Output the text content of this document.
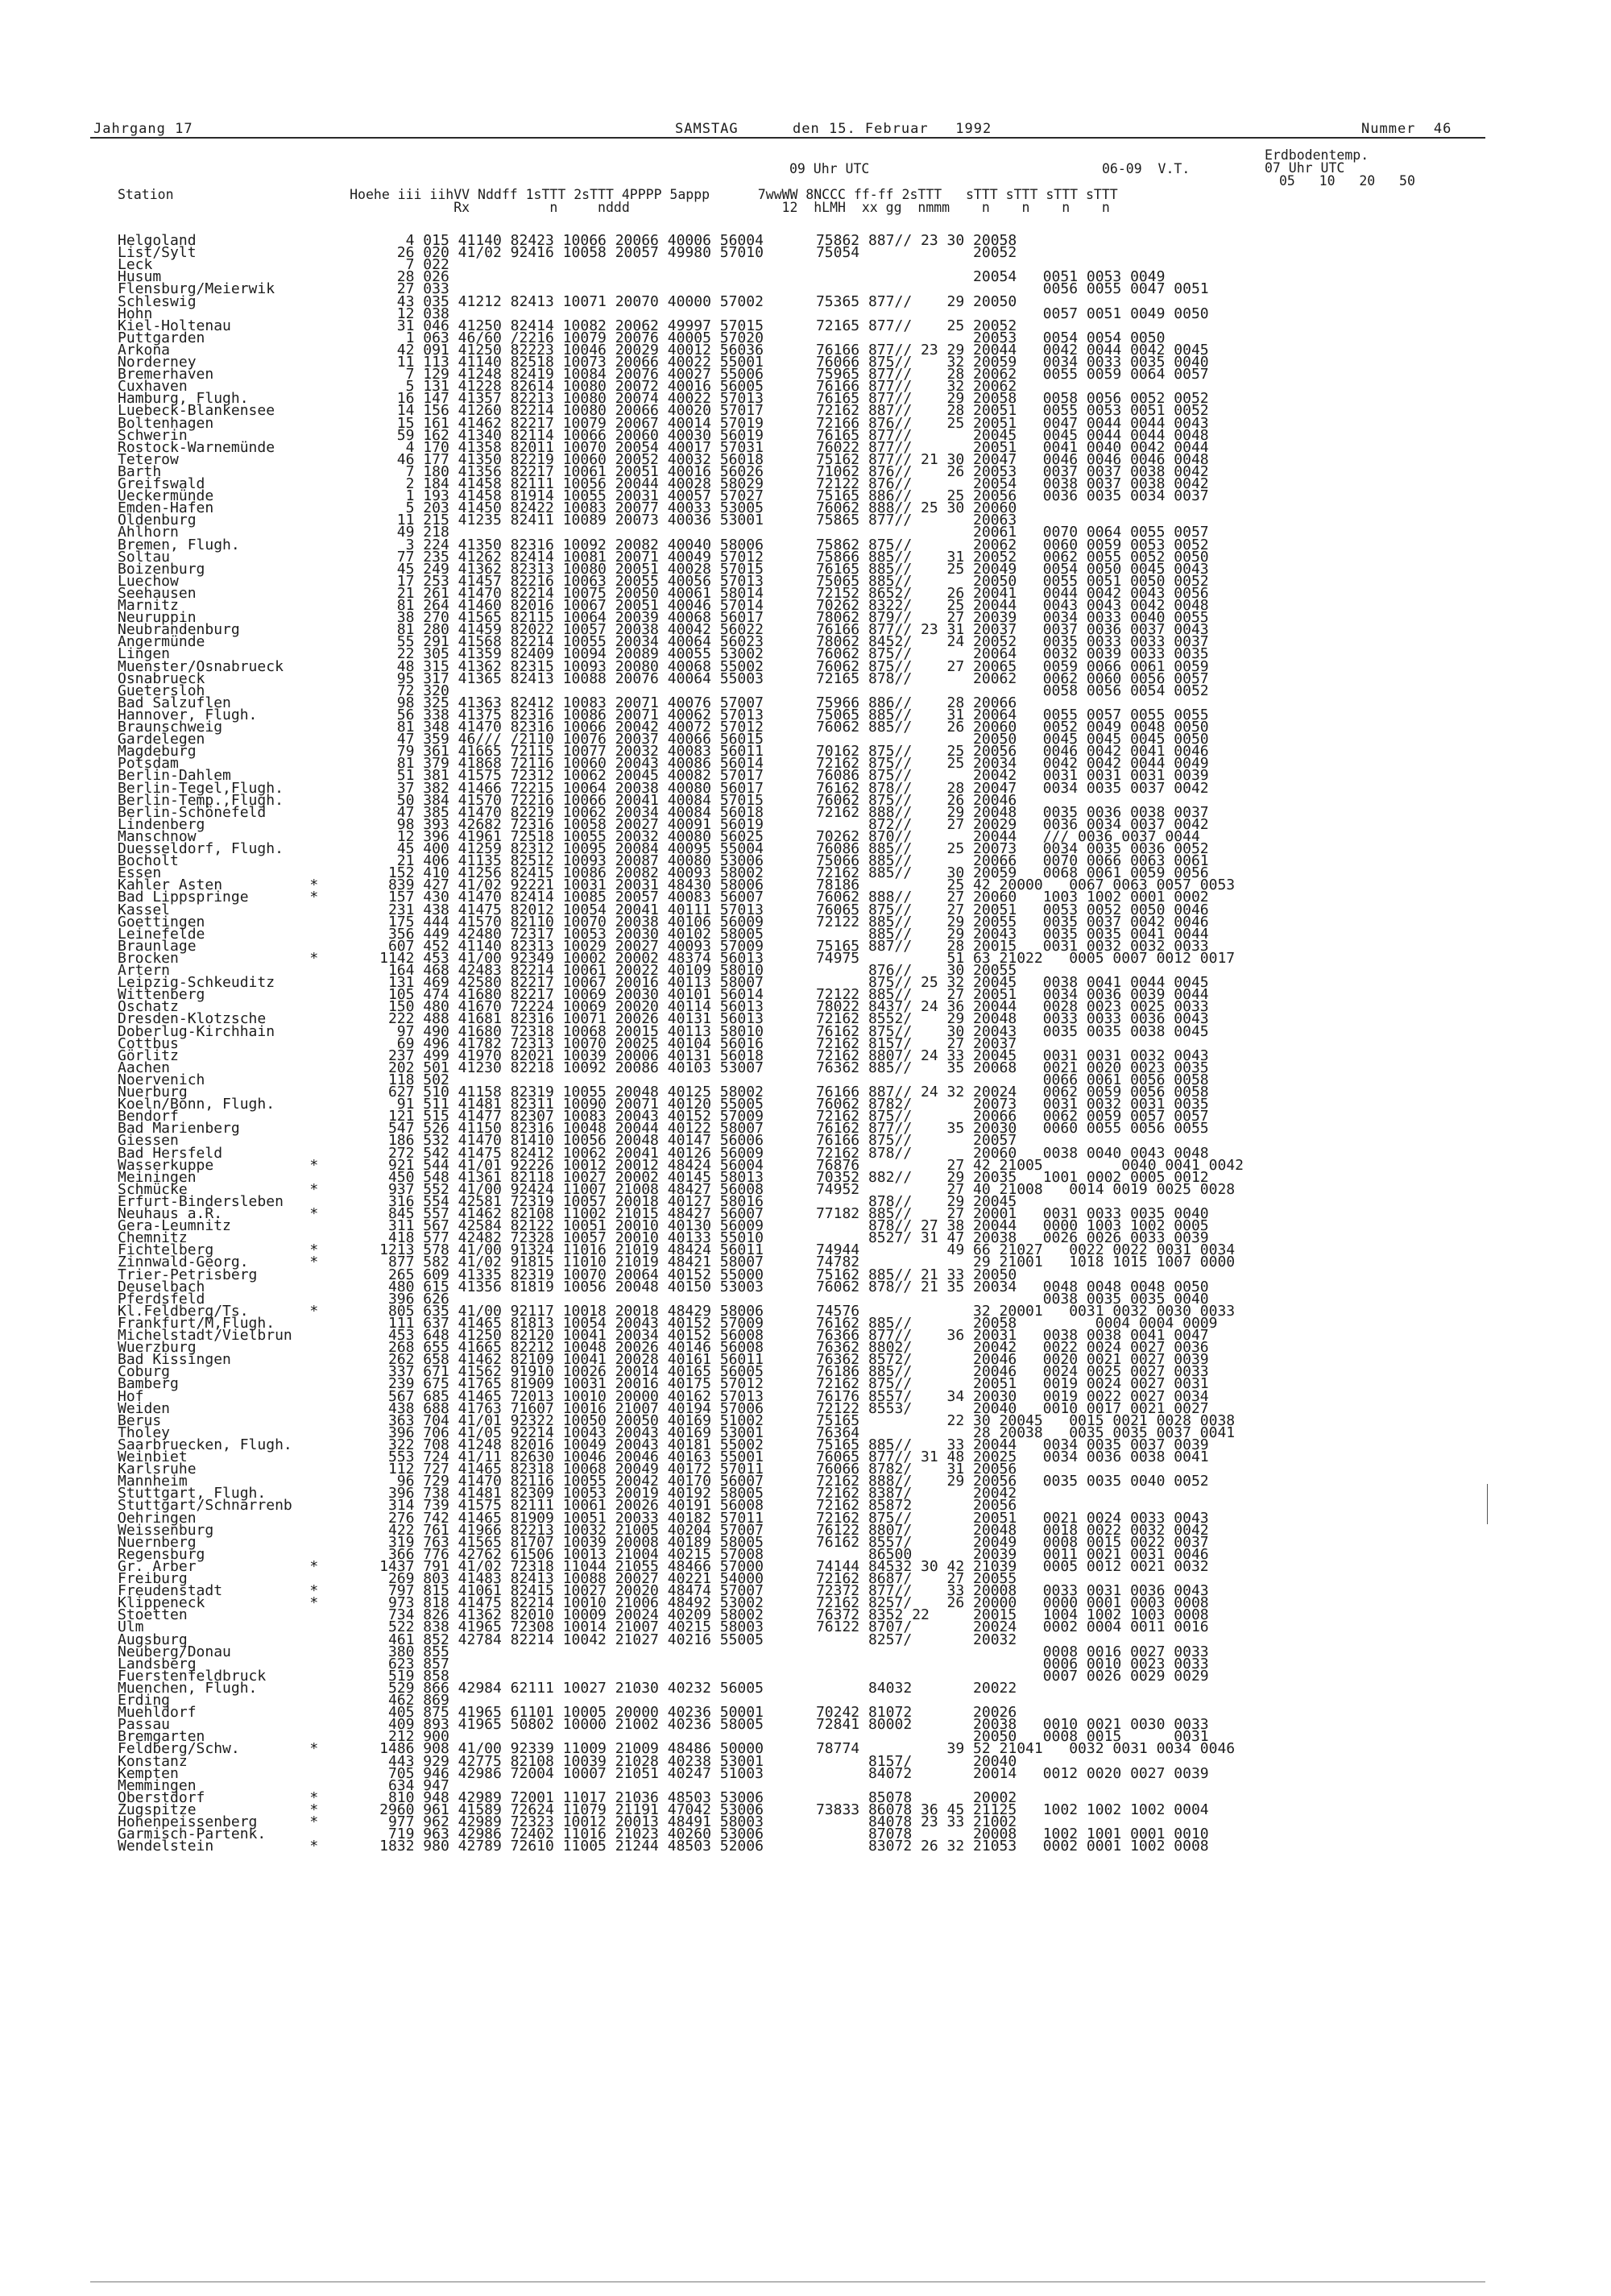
Jahrgang 17	SAMSTAG      den 15. Februar   1992	Nummer  46
09 Uhr UTC	06-09  V.T.
Erdbodentemp.
07 Uhr UTC
05   10   20   50
Station                      Hoehe iii iihVV Nddff 1sTTT 2sTTT 4PPPP 5appp      7wwWW 8NCCC ff-ff 2sTTT   sTTT sTTT sTTT sTTT
Rx          n     nddd                   12  hLMH  xx gg  nmmm    n    n    n    n
Helgoland                        4 015 41140 82423 10066 20066 40006 56004      75862 887// 23 30 20058
List/Sylt                       26 020 41/02 92416 10058 20057 49980 57010      75054             20052
Leck                             7 022
Husum                           28 026                                                            20054   0051 0053 0049
Flensburg/Meierwik              27 033                                                                    0056 0055 0047 0051
Schleswig                       43 035 41212 82413 10071 20070 40000 57002      75365 877//    29 20050
Hohn                            12 038                                                                    0057 0051 0049 0050
Kiel-Holtenau                   31 046 41250 82414 10082 20062 49997 57015      72165 877//    25 20052
Puttgarden                       1 063 46/60 /2216 10079 20076 40005 57020                        20053   0054 0054 0050
Arkona                          42 091 41250 82223 10046 20029 40012 56036      76166 877// 23 29 20044   0042 0044 0042 0045
Norderney                       11 113 41140 82518 10073 20066 40022 55001      76066 875//    32 20059   0034 0033 0035 0040
Bremerhaven                      7 129 41248 82419 10084 20076 40027 55006      75965 877//    28 20062   0055 0059 0064 0057
Cuxhaven                         5 131 41228 82614 10080 20072 40016 56005      76166 877//    32 20062
Hamburg, Flugh.                 16 147 41357 82213 10080 20074 40022 57013      76165 877//    29 20058   0058 0056 0052 0052
Luebeck-Blankensee              14 156 41260 82214 10080 20066 40020 57017      72162 887//    28 20051   0055 0053 0051 0052
Boltenhagen                     15 161 41462 82217 10079 20067 40014 57019      72166 876//    25 20051   0047 0044 0044 0043
Schwerin                        59 162 41340 82114 10066 20060 40030 56019      76165 877//       20045   0045 0044 0044 0048
Rostock-Warnemünde               4 170 41358 82011 10070 20054 40017 57031      76022 877//       20051   0041 0040 0042 0044
Teterow                         46 177 41350 82219 10060 20052 40032 56018      75162 877// 21 30 20047   0046 0046 0046 0048
Barth                            7 180 41356 82217 10061 20051 40016 56026      71062 876//    26 20053   0037 0037 0038 0042
Greifswald                       2 184 41458 82111 10056 20044 40028 58029      72122 876//       20054   0038 0037 0038 0042
Ueckermünde                      1 193 41458 81914 10055 20031 40057 57027      75165 886//    25 20056   0036 0035 0034 0037
Emden-Hafen                      5 203 41450 82422 10083 20077 40033 53005      76062 888// 25 30 20060
Oldenburg                       11 215 41235 82411 10089 20073 40036 53001      75865 877//       20063
Ahlhorn                         49 218                                                            20061   0070 0064 0055 0057
Bremen, Flugh.                   3 224 41350 82316 10092 20082 40040 58006      75862 875//       20062   0060 0059 0053 0052
Soltau                          77 235 41262 82414 10081 20071 40049 57012      75866 885//    31 20052   0062 0055 0052 0050
Boizenburg                      45 249 41362 82313 10080 20051 40028 57015      76165 885//    25 20049   0054 0050 0045 0043
Luechow                         17 253 41457 82216 10063 20055 40056 57013      75065 885//       20050   0055 0051 0050 0052
Seehausen                       21 261 41470 82214 10075 20050 40061 58014      72152 8652/    26 20041   0044 0042 0043 0056
Marnitz                         81 264 41460 82016 10067 20051 40046 57014      70262 8322/    25 20044   0043 0043 0042 0048
Neuruppin                       38 270 41565 82115 10064 20039 40068 56017      78062 879//    27 20039   0034 0033 0040 0055
Neubrandenburg                  81 280 41459 82022 10057 20038 40042 56022      76166 877// 23 31 20037   0037 0036 0037 0043
Angermünde                      55 291 41568 82214 10055 20034 40064 56023      78062 8452/    24 20052   0035 0033 0033 0037
Lingen                          22 305 41359 82409 10094 20089 40055 53002      76062 875//       20064   0032 0039 0033 0035
Muenster/Osnabrueck             48 315 41362 82315 10093 20080 40068 55002      76062 875//    27 20065   0059 0066 0061 0059
Osnabrueck                      95 317 41365 82413 10088 20076 40064 55003      72165 878//       20062   0062 0060 0056 0057
Guetersloh                      72 320                                                                    0058 0056 0054 0052
Bad Salzuflen                   98 325 41363 82412 10083 20071 40076 57007      75966 886//    28 20066
Hannover, Flugh.                56 338 41375 82316 10086 20071 40062 57013      75065 885//    31 20064   0055 0057 0055 0055
Braunschweig                    81 348 41470 82316 10066 20042 40072 57012      76062 885//    26 20060   0052 0049 0048 0050
Gardelegen                      47 359 46/// /2110 10076 20037 40066 56015                        20050   0045 0045 0045 0050
Magdeburg                       79 361 41665 72115 10077 20032 40083 56011      70162 875//    25 20056   0046 0042 0041 0046
Potsdam                         81 379 41868 72116 10060 20043 40086 56014      72162 875//    25 20034   0042 0042 0044 0049
Berlin-Dahlem                   51 381 41575 72312 10062 20045 40082 57017      76086 875//       20042   0031 0031 0031 0039
Berlin-Tegel,Flugh.             37 382 41466 72215 10064 20038 40080 56017      76162 878//    28 20047   0034 0035 0037 0042
Berlin-Temp.,Flugh.             50 384 41570 72216 10066 20041 40084 57015      76062 875//    26 20046
Berlin-Schönefeld               47 385 41470 82219 10062 20034 40084 56018      72162 888//    29 20048   0035 0036 0038 0037
Lindenberg                      98 393 42682 72316 10058 20027 40091 56019            872//    27 20029   0036 0034 0037 0042
Manschnow                       12 396 41961 72518 10055 20032 40080 56025      70262 870//       20044   /// 0036 0037 0044
Duesseldorf, Flugh.             45 400 41259 82312 10095 20084 40095 55004      76086 885//    25 20073   0034 0035 0036 0052
Bocholt                         21 406 41135 82512 10093 20087 40080 53006      75066 885//       20066   0070 0066 0063 0061
Essen                          152 410 41256 82415 10086 20082 40093 58002      72162 885//    30 20059   0068 0061 0059 0056
Kahler Asten          *        839 427 41/02 92221 10031 20031 48430 58006      78186          25 42 20000   0067 0063 0057 0053
Bad Lippspringe       *        157 430 41470 82414 10085 20057 40083 56007      76062 888//    27 20060   1003 1002 0001 0002
Kassel                         231 438 41475 82012 10054 20041 40111 57013      76065 875//    27 20051   0053 0052 0050 0046
Goettingen                     175 444 41570 82110 10070 20038 40106 56009      72122 885//    29 20055   0035 0037 0042 0046
Leinefelde                     356 449 42480 72317 10053 20030 40102 58005            885//    29 20043   0035 0035 0041 0044
Braunlage                      607 452 41140 82313 10029 20027 40093 57009      75165 887//    28 20015   0031 0032 0032 0033
Brocken               *       1142 453 41/00 92349 10002 20002 48374 56013      74975          51 63 21022   0005 0007 0012 0017
Artern                         164 468 42483 82214 10061 20022 40109 58010            876//    30 20055
Leipzig-Schkeuditz             131 469 42580 82217 10067 20016 40113 58007            875// 25 32 20045   0038 0041 0044 0045
Wittenberg                     105 474 41680 82217 10069 20030 40101 56014      72122 885//    27 20051   0034 0036 0039 0044
Oschatz                        150 480 41670 72224 10069 20020 40114 56013      78022 8437/ 24 36 20044   0028 0023 0025 0033
Dresden-Klotzsche              222 488 41681 82316 10071 20026 40131 56013      72162 8552/    29 20048   0033 0033 0036 0043
Doberlug-Kirchhain              97 490 41680 72318 10068 20015 40113 58010      76162 875//    30 20043   0035 0035 0038 0045
Cottbus                         69 496 41782 72313 10070 20025 40104 56016      72162 8157/    27 20037
Görlitz                        237 499 41970 82021 10039 20006 40131 56018      72162 8807/ 24 33 20045   0031 0031 0032 0043
Aachen                         202 501 41230 82218 10092 20086 40103 53007      76362 885//    35 20068   0021 0020 0023 0035
Noervenich                     118 502                                                                    0066 0061 0056 0058
Nuerburg                       627 510 41158 82319 10055 20048 40125 58002      76166 887// 24 32 20024   0062 0059 0056 0058
Koeln/Bonn, Flugh.              91 511 41481 82311 10090 20071 40120 55005      76062 8782/       20073   0031 0032 0031 0035
Bendorf                        121 515 41477 82307 10083 20043 40152 57009      72162 875//       20066   0062 0059 0057 0057
Bad Marienberg                 547 526 41150 82316 10048 20044 40122 58007      76162 877//    35 20030   0060 0055 0056 0055
Giessen                        186 532 41470 81410 10056 20048 40147 56006      76166 875//       20057
Bad Hersfeld                   272 542 41475 82412 10062 20041 40126 56009      72162 878//       20060   0038 0040 0043 0048
Wasserkuppe           *        921 544 41/01 92226 10012 20012 48424 56004      76876          27 42 21005         0040 0041 0042
Meiningen                      450 548 41361 82118 10027 20002 40145 58013      70352 882//    29 20035   1001 0002 0005 0012
Schmücke              *        937 552 41/00 92424 11007 21008 48427 56008      74952          27 40 21008   0014 0019 0025 0028
Erfurt-Bindersleben            316 554 42581 72319 10057 20018 40127 58016            878//    29 20045
Neuhaus a.R.          *        845 557 41462 82108 11002 21015 48427 56007      77182 885//    27 20001   0031 0033 0035 0040
Gera-Leumnitz                  311 567 42584 82122 10051 20010 40130 56009            878// 27 38 20044   0000 1003 1002 0005
Chemnitz                       418 577 42482 72328 10057 20010 40133 55010            8527/ 31 47 20038   0026 0026 0033 0039
Fichtelberg           *       1213 578 41/00 91324 11016 21019 48424 56011      74944          49 66 21027   0022 0022 0031 0034
Zinnwald-Georg.       *        877 582 41/02 91815 11010 21019 48421 58007      74782             29 21001   1018 1015 1007 0000
Trier-Petrisberg               265 609 41335 82319 10070 20064 40152 55000      75162 885// 21 33 20050
Deuselbach                     480 615 41356 81819 10056 20048 40150 53003      76062 878// 21 35 20034   0048 0048 0048 0050
Pferdsfeld                     396 626                                                                    0038 0035 0035 0040
Kl.Feldberg/Ts.       *        805 635 41/00 92117 10018 20018 48429 58006      74576             32 20001   0031 0032 0030 0033
Frankfurt/M,Flugh.             111 637 41465 81813 10054 20043 40152 57009      76162 885//       20058         0004 0004 0009
Michelstadt/Vielbrun           453 648 41250 82120 10041 20034 40152 56008      76366 877//    36 20031   0038 0038 0041 0047
Wuerzburg                      268 655 41665 82212 10048 20026 40146 56008      76362 8802/       20042   0022 0024 0027 0036
Bad Kissingen                  262 658 41462 82109 10041 20028 40161 56011      76362 8572/       20046   0020 0021 0027 0039
Coburg                         337 671 41562 91910 10026 20014 40165 56005      76186 885//       20046   0024 0025 0027 0033
Bamberg                        239 675 41765 81909 10031 20016 40175 57012      72162 875//       20051   0019 0024 0027 0031
Hof                            567 685 41465 72013 10010 20000 40162 57013      76176 8557/    34 20030   0019 0022 0027 0034
Weiden                         438 688 41763 71607 10016 21007 40194 57006      72122 8553/       20040   0010 0017 0021 0027
Berus                          363 704 41/01 92322 10050 20050 40169 51002      75165          22 30 20045   0015 0021 0028 0038
Tholey                         396 706 41/05 92214 10043 20043 40169 53001      76364             28 20038   0035 0035 0037 0041
Saarbruecken, Flugh.           322 708 41248 82016 10049 20043 40181 55002      75165 885//    33 20044   0034 0035 0037 0039
Weinbiet                       553 724 41/11 82630 10046 20046 40163 55001      76065 877// 31 48 20025   0034 0036 0038 0041
Karlsruhe                      112 727 41465 82318 10068 20049 40172 57011      76066 8782/    31 20056
Mannheim                        96 729 41470 82116 10055 20042 40170 56007      72162 888//    29 20056   0035 0035 0040 0052
Stuttgart, Flugh.              396 738 41481 82309 10053 20019 40192 58005      72162 8387/       20042
Stuttgart/Schnarrenb           314 739 41575 82111 10061 20026 40191 56008      72162 85872       20056
Oehringen                      276 742 41465 81909 10051 20033 40182 57011      72162 875//       20051   0021 0024 0033 0043
Weissenburg                    422 761 41966 82213 10032 21005 40204 57007      76122 8807/       20048   0018 0022 0032 0042
Nuernberg                      319 763 41565 81707 10039 20008 40189 58005      76162 8557/       20049   0008 0015 0022 0037
Regensburg                     366 776 42762 61506 10013 21004 40215 57008            86500       20039   0011 0021 0031 0046
Gr. Arber             *       1437 791 41/02 72318 11044 21055 48466 57000      74144 84532 30 42 21039   0005 0012 0021 0032
Freiburg                       269 803 41483 82413 10088 20027 40221 54000      72162 8687/    27 20055
Freudenstadt          *        797 815 41061 82415 10027 20020 48474 57007      72372 877//    33 20008   0033 0031 0036 0043
Klippeneck            *        973 818 41475 82214 10010 21006 48492 53002      72162 8257/    26 20000   0000 0001 0003 0008
Stoetten                       734 826 41362 82010 10009 20024 40209 58002      76372 8352 22     20015   1004 1002 1003 0008
Ulm                            522 838 41965 72308 10014 21007 40215 58003      76122 8707/       20024   0002 0004 0011 0016
Augsburg                       461 852 42784 82214 10042 21027 40216 55005            8257/       20032
Neuberg/Donau                  380 855                                                                    0008 0016 0027 0033
Landsberg                      623 857                                                                    0006 0010 0023 0033
Fuerstenfeldbruck              519 858                                                                    0007 0026 0029 0029
Muenchen, Flugh.               529 866 42984 62111 10027 21030 40232 56005            84032       20022
Erding                         462 869
Muehldorf                      405 875 41965 61101 10005 20000 40236 50001      70242 81072       20026
Passau                         409 893 41965 50802 10000 21002 40236 58005      72841 80002       20038   0010 0021 0030 0033
Bremgarten                     212 900                                                            20050   0008 0015      0031
Feldberg/Schw.        *       1486 908 41/00 92339 11009 21009 48486 50000      78774          39 52 21041   0032 0031 0034 0046
Konstanz                       443 929 42775 82108 10039 21028 40238 53001            8157/       20040
Kempten                        705 946 42986 72004 10007 21051 40247 51003            84072       20014   0012 0020 0027 0039
Memmingen                      634 947
Oberstdorf            *        810 948 42989 72001 11017 21036 48503 53006            85078       20002
Zugspitze             *       2960 961 41589 72624 11079 21191 47042 53006      73833 86078 36 45 21125   1002 1002 1002 0004
Hohenpeissenberg      *        977 962 42989 72323 10012 20013 48491 58003            84078 23 33 21002
Garmisch-Partenk.              719 963 42986 72402 11016 21023 40260 53006            87078       20008   1002 1001 0001 0010
Wendelstein           *       1832 980 42789 72610 11005 21244 48503 52006            83072 26 32 21053   0002 0001 1002 0008
